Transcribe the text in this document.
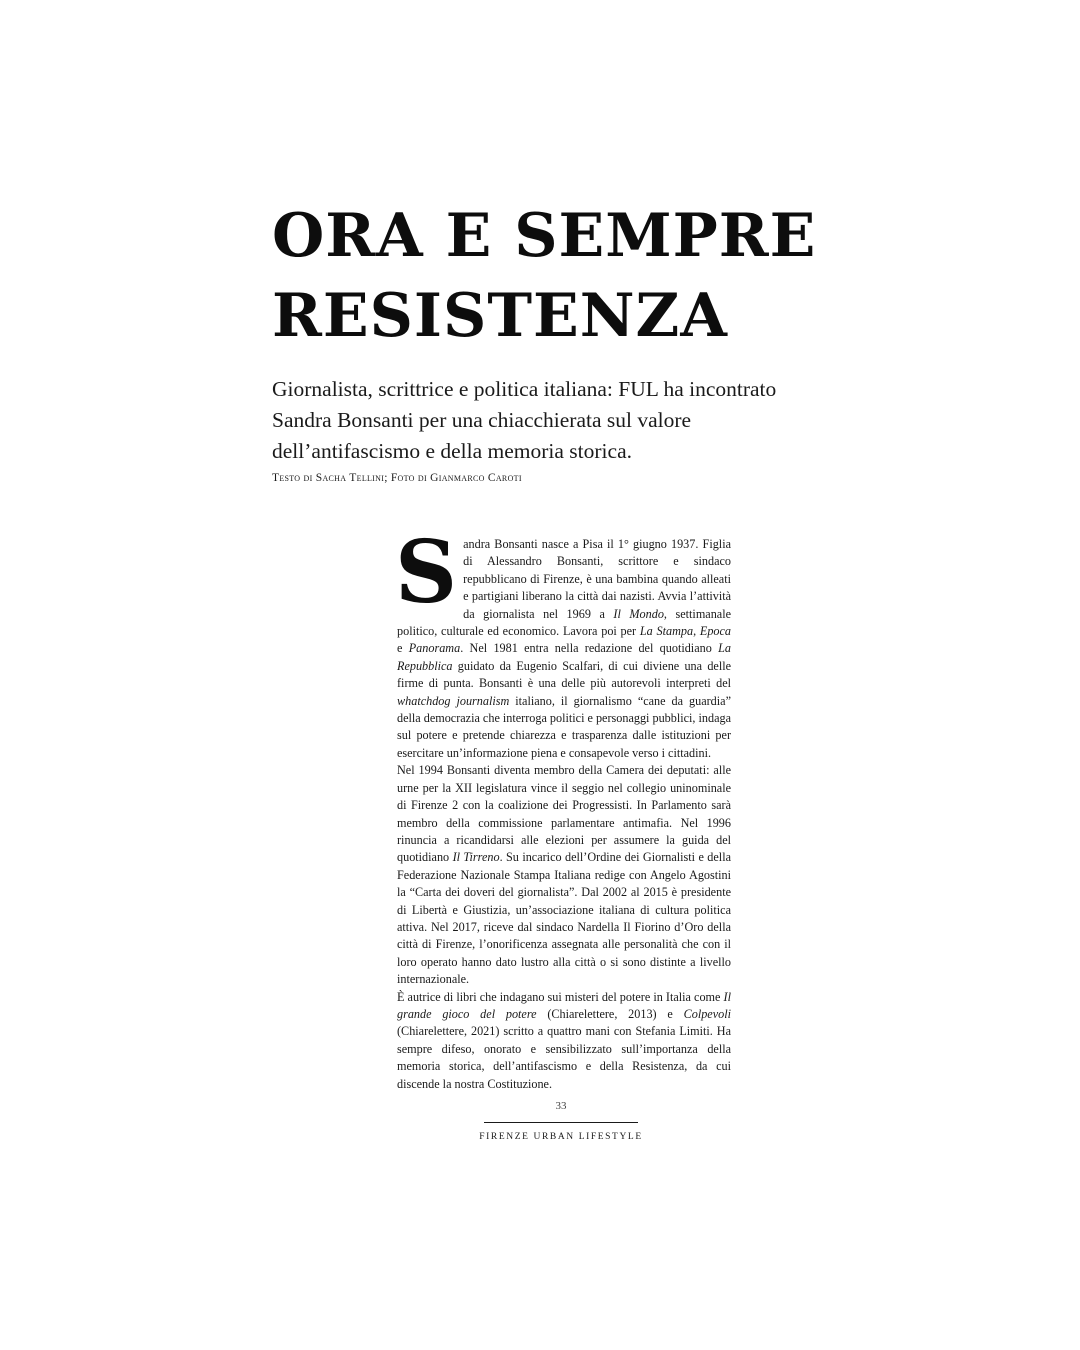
ORA E SEMPRE
RESISTENZA

Giornalista, scrittrice e politica italiana: FUL ha incontrato Sandra Bonsanti per una chiacchierata sul valore dell’antifascismo e della memoria storica.

Testo di Sacha Tellini; Foto di Gianmarco Caroti

Sandra Bonsanti nasce a Pisa il 1° giugno 1937. Figlia di Alessandro Bonsanti, scrittore e sindaco repubblicano di Firenze, è una bambina quando alleati e partigiani liberano la città dai nazisti. Avvia l’attività da giornalista nel 1969 a Il Mondo, settimanale politico, culturale ed economico. Lavora poi per La Stampa, Epoca e Panorama. Nel 1981 entra nella redazione del quotidiano La Repubblica guidato da Eugenio Scalfari, di cui diviene una delle firme di punta. Bonsanti è una delle più autorevoli interpreti del whatchdog journalism italiano, il giornalismo “cane da guardia” della democrazia che interroga politici e personaggi pubblici, indaga sul potere e pretende chiarezza e trasparenza dalle istituzioni per esercitare un’informazione piena e consapevole verso i cittadini.

Nel 1994 Bonsanti diventa membro della Camera dei deputati: alle urne per la XII legislatura vince il seggio nel collegio uninominale di Firenze 2 con la coalizione dei Progressisti. In Parlamento sarà membro della commissione parlamentare antimafia. Nel 1996 rinuncia a ricandidarsi alle elezioni per assumere la guida del quotidiano Il Tirreno. Su incarico dell’Ordine dei Giornalisti e della Federazione Nazionale Stampa Italiana redige con Angelo Agostini la “Carta dei doveri del giornalista”. Dal 2002 al 2015 è presidente di Libertà e Giustizia, un’associazione italiana di cultura politica attiva. Nel 2017, riceve dal sindaco Nardella Il Fiorino d’Oro della città di Firenze, l’onorificenza assegnata alle personalità che con il loro operato hanno dato lustro alla città o si sono distinte a livello internazionale.

È autrice di libri che indagano sui misteri del potere in Italia come Il grande gioco del potere (Chiarelettere, 2013) e Colpevoli (Chiarelettere, 2021) scritto a quattro mani con Stefania Limiti. Ha sempre difeso, onorato e sensibilizzato sull’importanza della memoria storica, dell’antifascismo e della Resistenza, da cui discende la nostra Costituzione.

33
FIRENZE URBAN LIFESTYLE
